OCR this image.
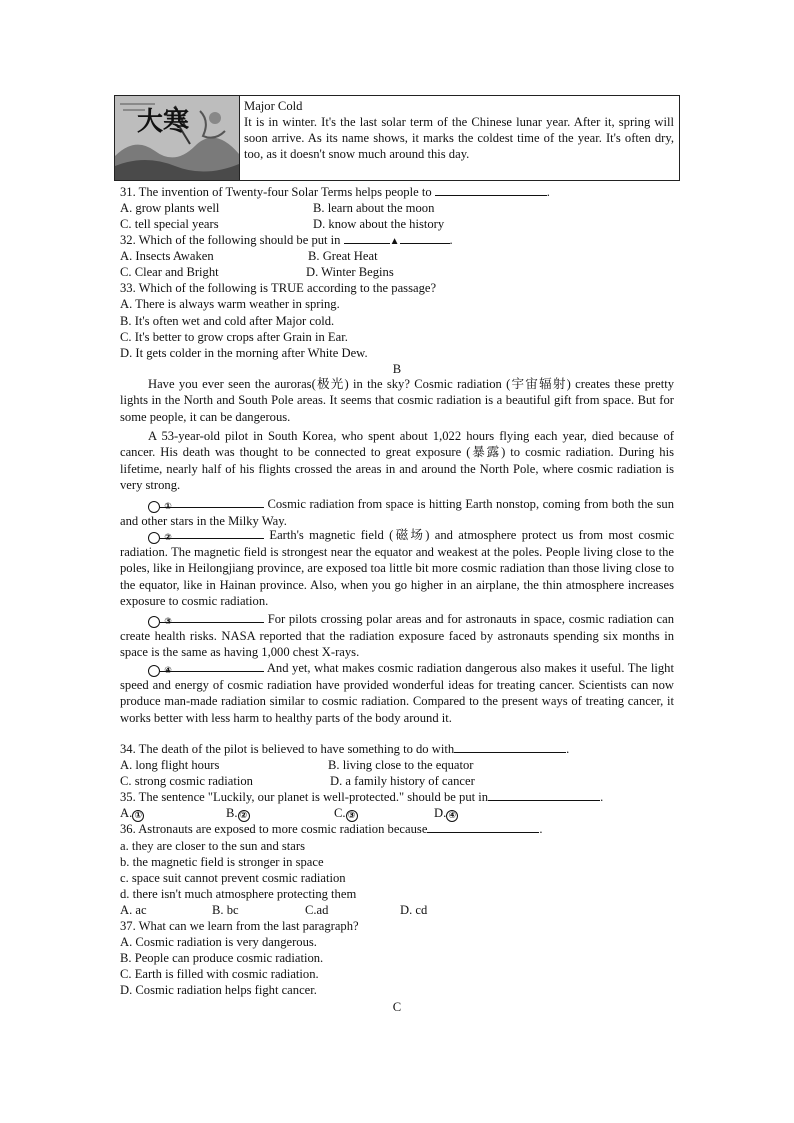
大寒
Major Cold
It is in winter. It's the last solar term of the Chinese lunar year. After it, spring will soon arrive. As its name shows, it marks the coldest time of the year. It's often dry, too, as it doesn't snow much around this day.
31. The invention of Twenty-four Solar Terms helps people to	.
A. grow plants well	B. learn about the moon
C. tell special years	D. know about the history
32. Which of the following should be put in	▲	.
A. Insects Awaken	B. Great Heat
C. Clear and Bright	D. Winter Begins
33. Which of the following is TRUE according to the passage?
A. There is always warm weather in spring.
B. It's often wet and cold after Major cold.
C. It's better to grow crops after Grain in Ear.
D. It gets colder in the morning after White Dew.
B
Have you ever seen the auroras(极光) in the sky? Cosmic radiation (宇宙辐射) creates these pretty lights in the North and South Pole areas. It seems that cosmic radiation is a beautiful gift from space. But for some people, it can be dangerous.
A 53-year-old pilot in South Korea, who spent about 1,022 hours flying each year, died because of cancer. His death was thought to be connected to great exposure (暴露) to cosmic radiation. During his lifetime, nearly half of his flights crossed the areas in and around the North Pole, where cosmic radiation is very strong.
①	Cosmic radiation from space is hitting Earth nonstop, coming from both the sun and other stars in the Milky Way.
②	Earth's magnetic field (磁场) and atmosphere protect us from most cosmic radiation. The magnetic field is strongest near the equator and weakest at the poles. People living close to the poles, like in Heilongjiang province, are exposed toa little bit more cosmic radiation than those living close to the equator, like in Hainan province. Also, when you go higher in an airplane, the thin atmosphere increases exposure to cosmic radiation.
③	For pilots crossing polar areas and for astronauts in space, cosmic radiation can create health risks. NASA reported that the radiation exposure faced by astronauts spending six months in space is the same as having 1,000 chest X-rays.
④	And yet, what makes cosmic radiation dangerous also makes it useful. The light speed and energy of cosmic radiation have provided wonderful ideas for treating cancer. Scientists can now produce man-made radiation similar to cosmic radiation. Compared to the present ways of treating cancer, it works better with less harm to healthy parts of the body around it.
34. The death of the pilot is believed to have something to do with	.
A. long flight hours	B. living close to the equator
C. strong cosmic radiation	D. a family history of cancer
35. The sentence "Luckily, our planet is well-protected." should be put in	.
A. ①	B. ②	C. ③	D. ④
36. Astronauts are exposed to more cosmic radiation because	.
a. they are closer to the sun and stars
b. the magnetic field is stronger in space
c. space suit cannot prevent cosmic radiation
d. there isn't much atmosphere protecting them
A. ac	B. bc	C.ad	D. cd
37. What can we learn from the last paragraph?
A. Cosmic radiation is very dangerous.
B. People can produce cosmic radiation.
C. Earth is filled with cosmic radiation.
D. Cosmic radiation helps fight cancer.
C
